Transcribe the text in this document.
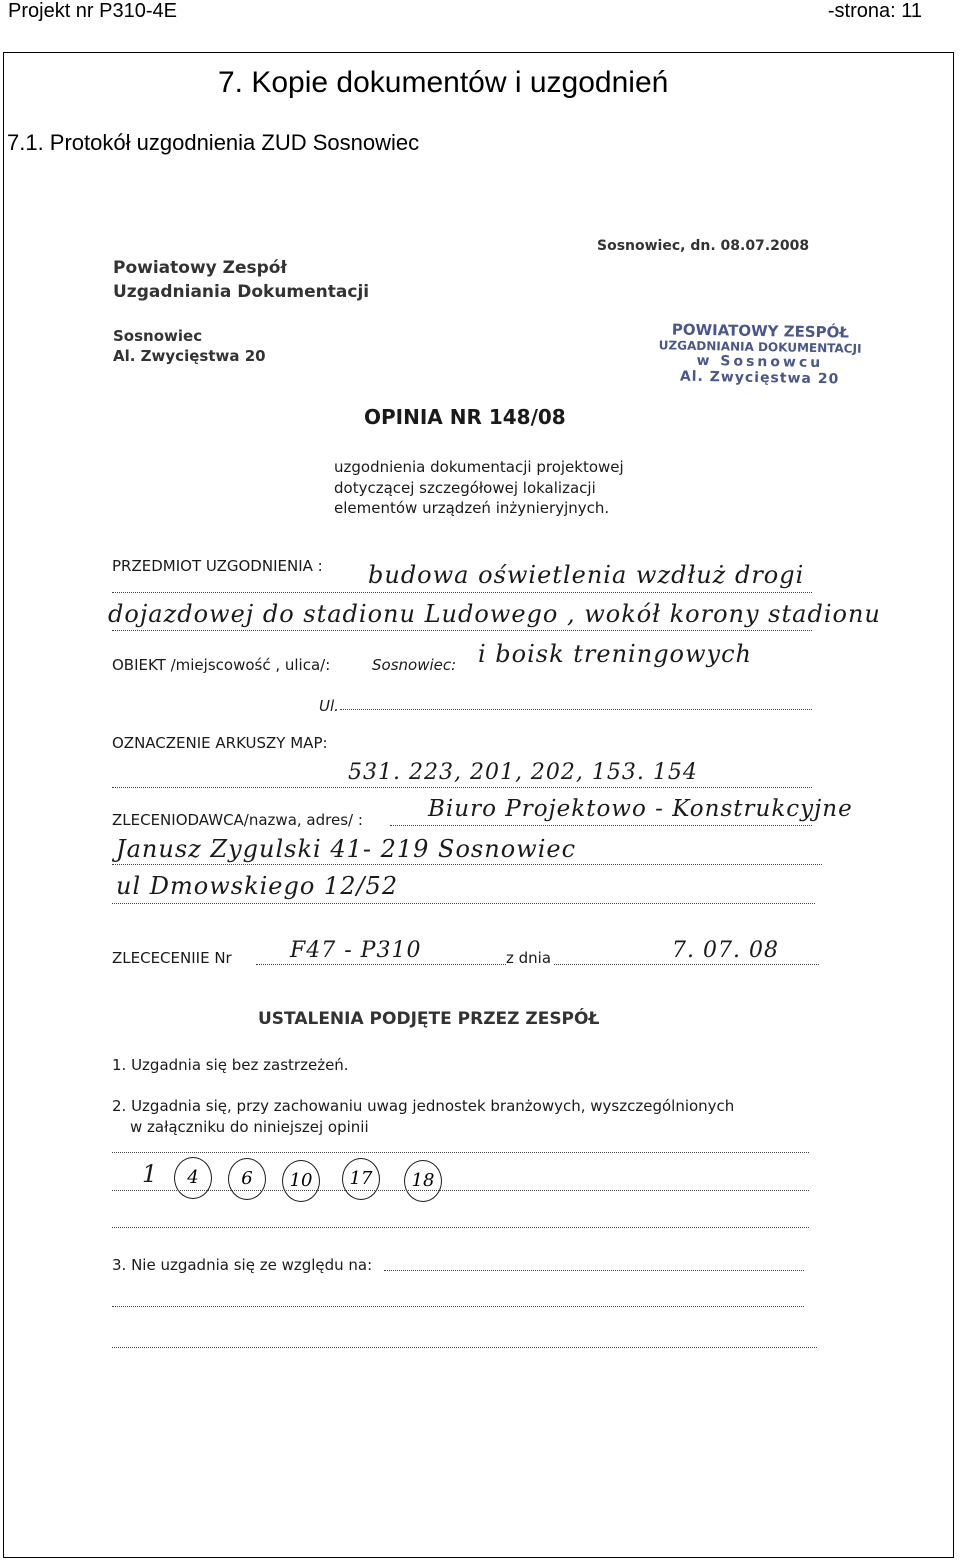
Projekt nr P310-4E	-strona: 11
7. Kopie dokumentów i uzgodnień
7.1. Protokół uzgodnienia ZUD Sosnowiec
Powiatowy Zespół
Uzgadniania Dokumentacji
Sosnowiec
Al. Zwycięstwa 20
Sosnowiec, dn. 08.07.2008
POWIATOWY ZESPÓŁ
UZGADNIANIA DOKUMENTACJI
w Sosnowcu
Al. Zwycięstwa 20
OPINIA NR 148/08
uzgodnienia dokumentacji projektowej
dotyczącej szczegółowej lokalizacji
elementów urządzeń inżynieryjnych.
PRZEDMIOT UZGODNIENIA : budowa oświetlenia wzdłuż drogi
dojazdowej do stadionu Ludowego , wokół korony stadionu
OBIEKT /miejscowość , ulica/:	Sosnowiec: i boisk treningowych
Ul.
OZNACZENIE ARKUSZY MAP:
531. 223, 201, 202, 153. 154
ZLECENIODAWCA/nazwa, adres/ :	Biuro Projektowo - Konstrukcyjne
Janusz Zygulski 41- 219 Sosnowiec
ul Dmowskiego 12/52
ZLECECENIIE Nr	F47 - P310	z dnia	7. 07. 08
USTALENIA PODJĘTE PRZEZ ZESPÓŁ
1. Uzgadnia się bez zastrzeżeń.
2. Uzgadnia się, przy zachowaniu uwag jednostek branżowych, wyszczególnionych
w załączniku do niniejszej opinii
1	4	6	10	17	18
3. Nie uzgadnia się ze względu na:
